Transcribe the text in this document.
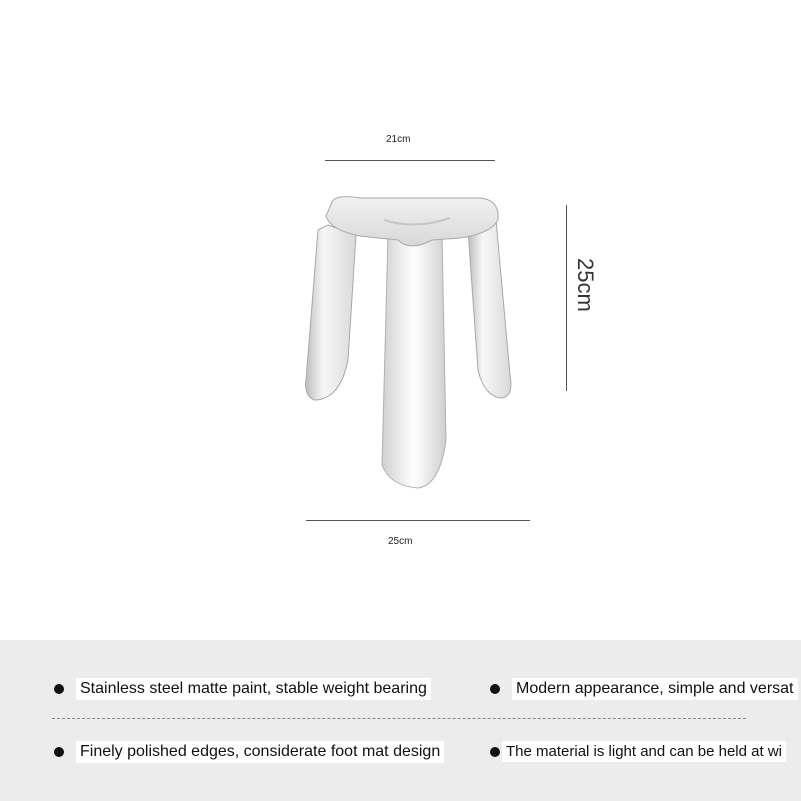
21cm
25cm
25cm
Stainless steel matte paint, stable weight bearing	Modern appearance, simple and versat
Finely polished edges, considerate foot mat design	The material is light and can be held at wi
